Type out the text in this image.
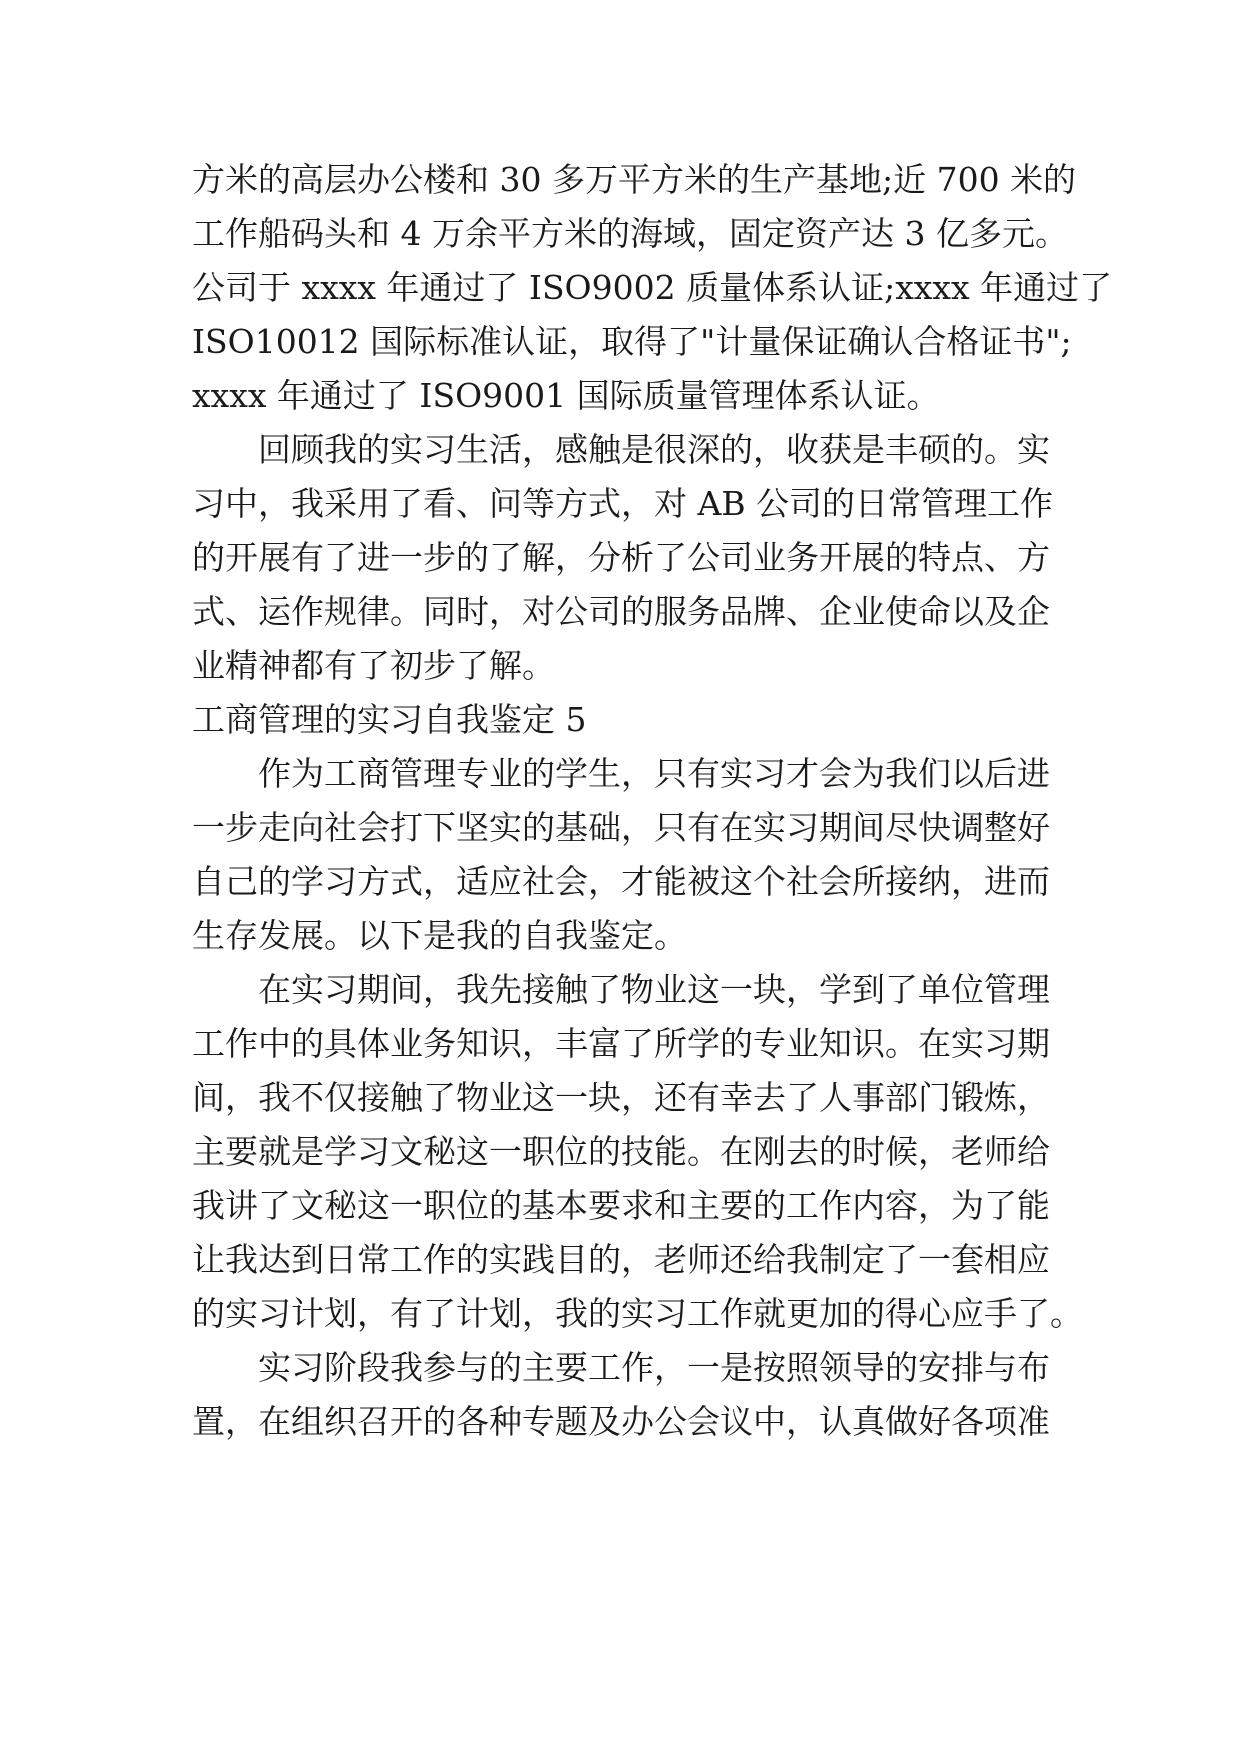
方米的高层办公楼和 30 多万平方米的生产基地;近 700 米的
工作船码头和 4 万余平方米的海域，固定资产达 3 亿多元。
公司于 xxxx 年通过了 ISO9002 质量体系认证;xxxx 年通过了
ISO10012 国际标准认证，取得了"计量保证确认合格证书";
xxxx 年通过了 ISO9001 国际质量管理体系认证。
回顾我的实习生活，感触是很深的，收获是丰硕的。实
习中，我采用了看、问等方式，对 AB 公司的日常管理工作
的开展有了进一步的了解，分析了公司业务开展的特点、方
式、运作规律。同时，对公司的服务品牌、企业使命以及企
业精神都有了初步了解。
工商管理的实习自我鉴定 5
作为工商管理专业的学生，只有实习才会为我们以后进
一步走向社会打下坚实的基础，只有在实习期间尽快调整好
自己的学习方式，适应社会，才能被这个社会所接纳，进而
生存发展。以下是我的自我鉴定。
在实习期间，我先接触了物业这一块，学到了单位管理
工作中的具体业务知识，丰富了所学的专业知识。在实习期
间，我不仅接触了物业这一块，还有幸去了人事部门锻炼，
主要就是学习文秘这一职位的技能。在刚去的时候，老师给
我讲了文秘这一职位的基本要求和主要的工作内容，为了能
让我达到日常工作的实践目的，老师还给我制定了一套相应
的实习计划，有了计划，我的实习工作就更加的得心应手了。
实习阶段我参与的主要工作，一是按照领导的安排与布
置，在组织召开的各种专题及办公会议中，认真做好各项准
